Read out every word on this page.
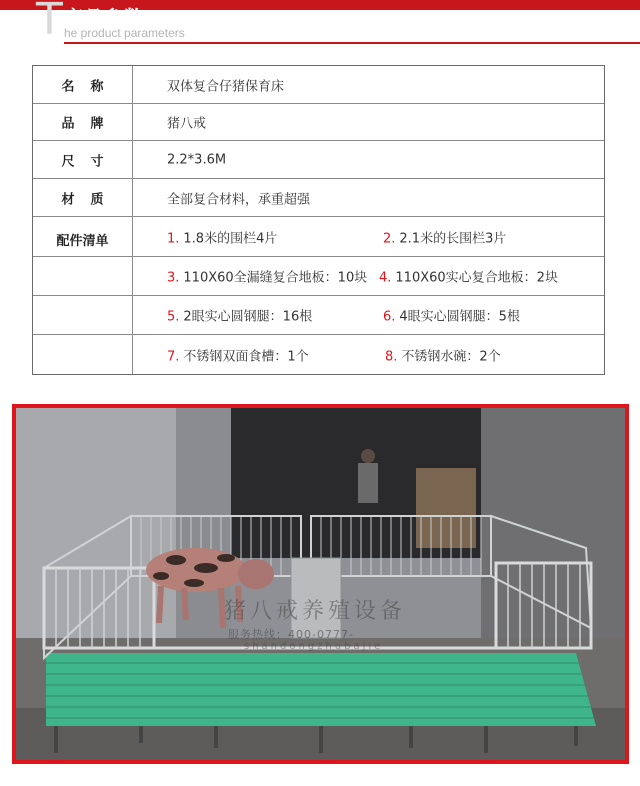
T 产品参数
he product parameters
名称	双体复合仔猪保育床
品牌	猪八戒
尺寸	2.2*3.6M
材质	全部复合材料，承重超强
配件清单	1. 1.8米的围栏4片	2. 2.1米的长围栏3片
3. 110X60全漏缝复合地板：10块 4. 110X60实心复合地板：2块
5. 2眼实心圆钢腿：16根	6. 4眼实心圆钢腿：5根
7. 不锈钢双面食槽：1个	8. 不锈钢水碗：2个
猪八戒养殖设备
服务热线：400-0777-
shandongzhubajie
